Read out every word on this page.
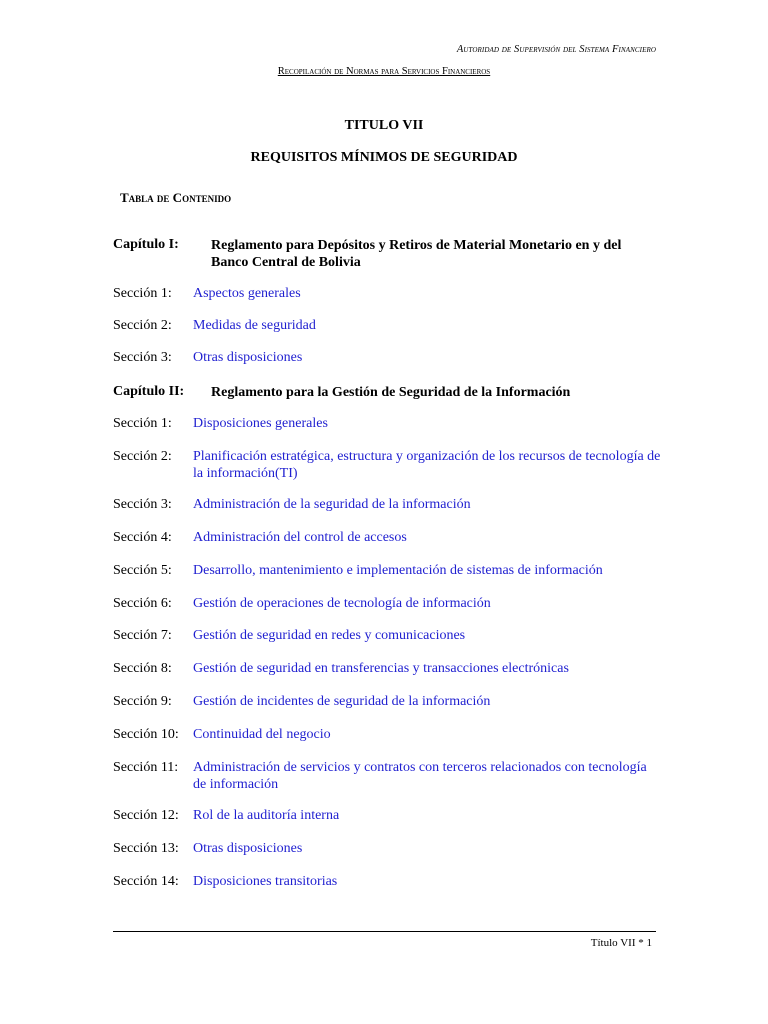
Autoridad de Supervisión del Sistema Financiero
Recopilación de Normas para Servicios Financieros
TITULO VII
REQUISITOS MÍNIMOS DE SEGURIDAD
Tabla de Contenido
Capítulo I: Reglamento para Depósitos y Retiros de Material Monetario en y del Banco Central de Bolivia
Sección 1: Aspectos generales
Sección 2: Medidas de seguridad
Sección 3: Otras disposiciones
Capítulo II: Reglamento para la Gestión de Seguridad de la Información
Sección 1: Disposiciones generales
Sección 2: Planificación estratégica, estructura y organización de los recursos de tecnología de la información(TI)
Sección 3: Administración de la seguridad de la información
Sección 4: Administración del control de accesos
Sección 5: Desarrollo, mantenimiento e implementación de sistemas de información
Sección 6: Gestión de operaciones de tecnología de información
Sección 7: Gestión de seguridad en redes y comunicaciones
Sección 8: Gestión de seguridad en transferencias y transacciones electrónicas
Sección 9: Gestión de incidentes de seguridad de la información
Sección 10: Continuidad del negocio
Sección 11: Administración de servicios y contratos con terceros relacionados con tecnología de información
Sección 12: Rol de la auditoría interna
Sección 13: Otras disposiciones
Sección 14: Disposiciones transitorias
Título VII * 1
